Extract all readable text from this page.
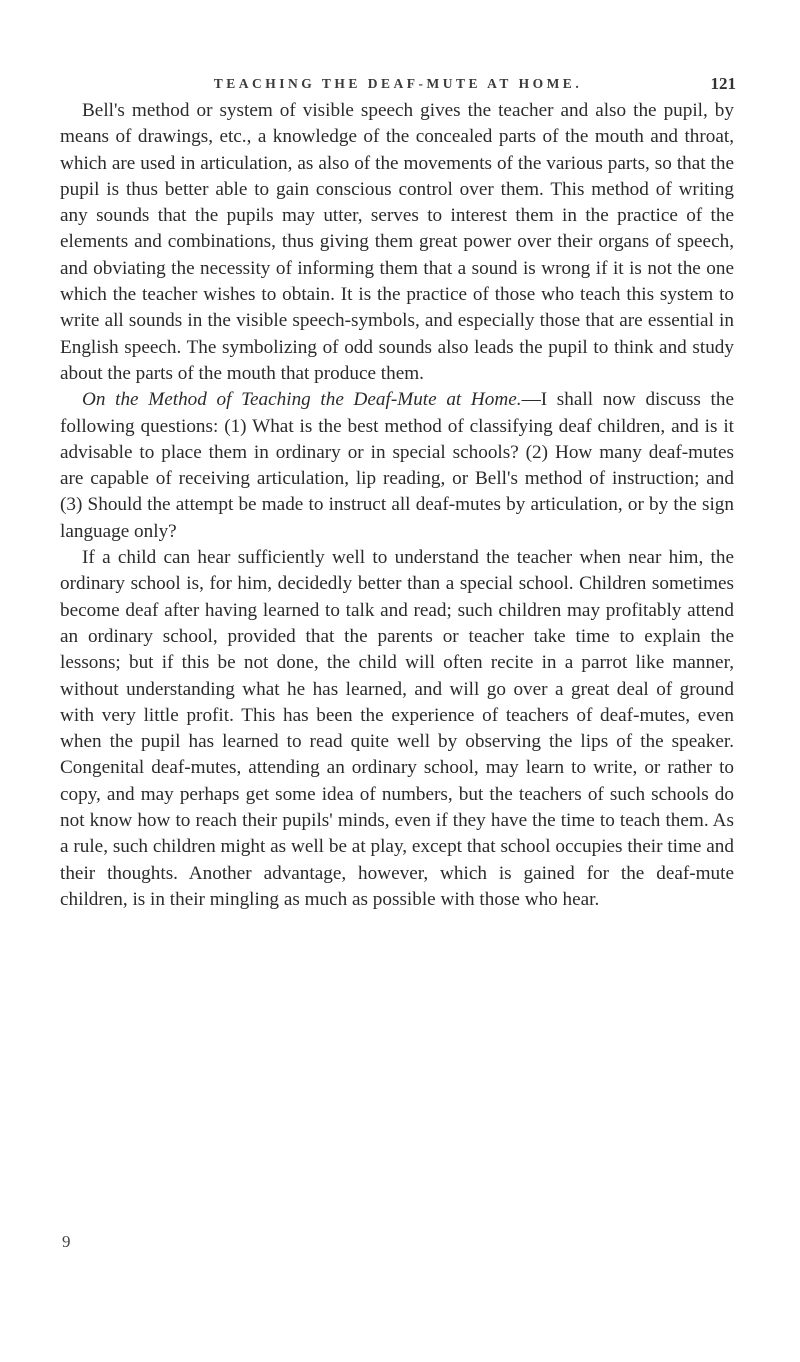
TEACHING THE DEAF-MUTE AT HOME.	121

Bell's method or system of visible speech gives the teacher and also the pupil, by means of drawings, etc., a knowledge of the concealed parts of the mouth and throat, which are used in articulation, as also of the movements of the various parts, so that the pupil is thus better able to gain conscious control over them. This method of writing any sounds that the pupils may utter, serves to interest them in the practice of the elements and combinations, thus giving them great power over their organs of speech, and obviating the necessity of informing them that a sound is wrong if it is not the one which the teacher wishes to obtain. It is the practice of those who teach this system to write all sounds in the visible speech-symbols, and especially those that are essential in English speech. The symbolizing of odd sounds also leads the pupil to think and study about the parts of the mouth that produce them.

On the Method of Teaching the Deaf-Mute at Home.—I shall now discuss the following questions: (1) What is the best method of classifying deaf children, and is it advisable to place them in ordinary or in special schools? (2) How many deaf-mutes are capable of receiving articulation, lip reading, or Bell's method of instruction; and (3) Should the attempt be made to instruct all deaf-mutes by articulation, or by the sign language only?

If a child can hear sufficiently well to understand the teacher when near him, the ordinary school is, for him, decidedly better than a special school. Children sometimes become deaf after having learned to talk and read; such children may profitably attend an ordinary school, provided that the parents or teacher take time to explain the lessons; but if this be not done, the child will often recite in a parrot like manner, without understanding what he has learned, and will go over a great deal of ground with very little profit. This has been the experience of teachers of deaf-mutes, even when the pupil has learned to read quite well by observing the lips of the speaker. Congenital deaf-mutes, attending an ordinary school, may learn to write, or rather to copy, and may perhaps get some idea of numbers, but the teachers of such schools do not know how to reach their pupils' minds, even if they have the time to teach them. As a rule, such children might as well be at play, except that school occupies their time and their thoughts. Another advantage, however, which is gained for the deaf-mute children, is in their mingling as much as possible with those who hear.

9
